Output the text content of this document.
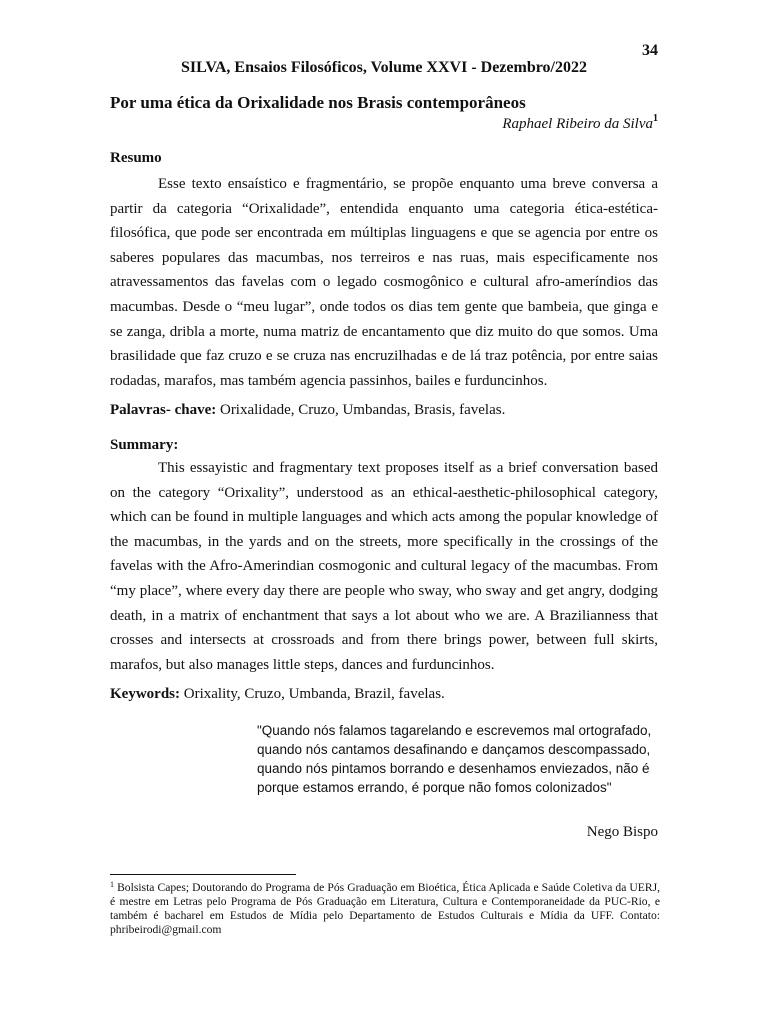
34
SILVA, Ensaios Filosóficos, Volume XXVI - Dezembro/2022
Por uma ética da Orixalidade nos Brasis contemporâneos
Raphael Ribeiro da Silva$^1$
Resumo

Esse texto ensaístico e fragmentário, se propõe enquanto uma breve conversa a partir da categoria “Orixalidade”, entendida enquanto uma categoria ética-estética-filosófica, que pode ser encontrada em múltiplas linguagens e que se agencia por entre os saberes populares das macumbas, nos terreiros e nas ruas, mais especificamente nos atravessamentos das favelas com o legado cosmogônico e cultural afro-ameríndios das macumbas. Desde o “meu lugar”, onde todos os dias tem gente que bambeia, que ginga e se zanga, dribla a morte, numa matriz de encantamento que diz muito do que somos. Uma brasilidade que faz cruzo e se cruza nas encruzilhadas e de lá traz potência, por entre saias rodadas, marafos, mas também agencia passinhos, bailes e furduncinhos.

Palavras- chave: Orixalidade, Cruzo, Umbandas, Brasis, favelas.
Summary:

This essayistic and fragmentary text proposes itself as a brief conversation based on the category “Orixality”, understood as an ethical-aesthetic-philosophical category, which can be found in multiple languages and which acts among the popular knowledge of the macumbas, in the yards and on the streets, more specifically in the crossings of the favelas with the Afro-Amerindian cosmogonic and cultural legacy of the macumbas. From “my place”, where every day there are people who sway, who sway and get angry, dodging death, in a matrix of enchantment that says a lot about who we are. A Brazilianness that crosses and intersects at crossroads and from there brings power, between full skirts, marafos, but also manages little steps, dances and furduncinhos.

Keywords: Orixality, Cruzo, Umbanda, Brazil, favelas.
"Quando nós falamos tagarelando e escrevemos mal ortografado, quando nós cantamos desafinando e dançamos descompassado, quando nós pintamos borrando e desenhamos enviezados, não é porque estamos errando, é porque não fomos colonizados"
Nego Bispo
$^1$ Bolsista Capes; Doutorando do Programa de Pós Graduação em Bioética, Ética Aplicada e Saúde Coletiva da UERJ, é mestre em Letras pelo Programa de Pós Graduação em Literatura, Cultura e Contemporaneidade da PUC-Rio, e também é bacharel em Estudos de Mídia pelo Departamento de Estudos Culturais e Mídia da UFF. Contato: phribeirodi@gmail.com
